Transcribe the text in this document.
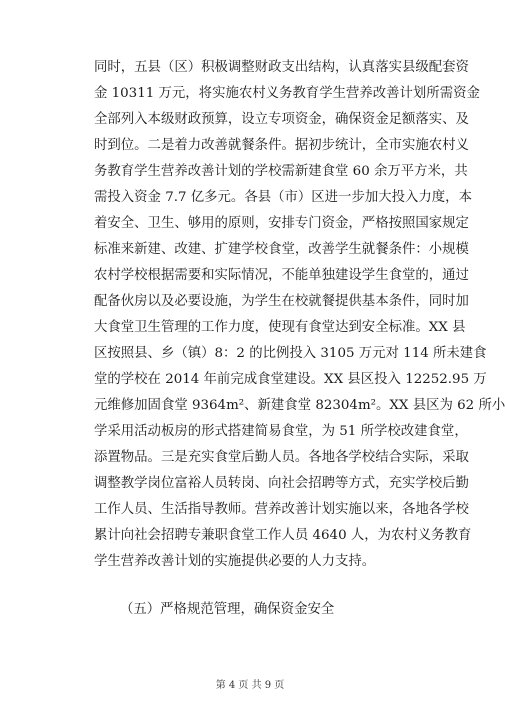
同时，五县（区）积极调整财政支出结构，认真落实县级配套资
金 10311 万元，将实施农村义务教育学生营养改善计划所需资金
全部列入本级财政预算，设立专项资金，确保资金足额落实、及
时到位。二是着力改善就餐条件。据初步统计，全市实施农村义
务教育学生营养改善计划的学校需新建食堂 60 余万平方米，共
需投入资金 7.7 亿多元。各县（市）区进一步加大投入力度，本
着安全、卫生、够用的原则，安排专门资金，严格按照国家规定
标准来新建、改建、扩建学校食堂，改善学生就餐条件：小规模
农村学校根据需要和实际情况，不能单独建设学生食堂的，通过
配备伙房以及必要设施，为学生在校就餐提供基本条件，同时加
大食堂卫生管理的工作力度，使现有食堂达到安全标准。XX 县
区按照县、乡（镇）8：2 的比例投入 3105 万元对 114 所未建食
堂的学校在 2014 年前完成食堂建设。XX 县区投入 12252.95 万
元维修加固食堂 9364m²、新建食堂 82304m²。XX 县区为 62 所小
学采用活动板房的形式搭建简易食堂，为 51 所学校改建食堂，
添置物品。三是充实食堂后勤人员。各地各学校结合实际，采取
调整教学岗位富裕人员转岗、向社会招聘等方式，充实学校后勤
工作人员、生活指导教师。营养改善计划实施以来，各地各学校
累计向社会招聘专兼职食堂工作人员 4640 人，为农村义务教育
学生营养改善计划的实施提供必要的人力支持。
（五）严格规范管理，确保资金安全
第 4 页 共 9 页
